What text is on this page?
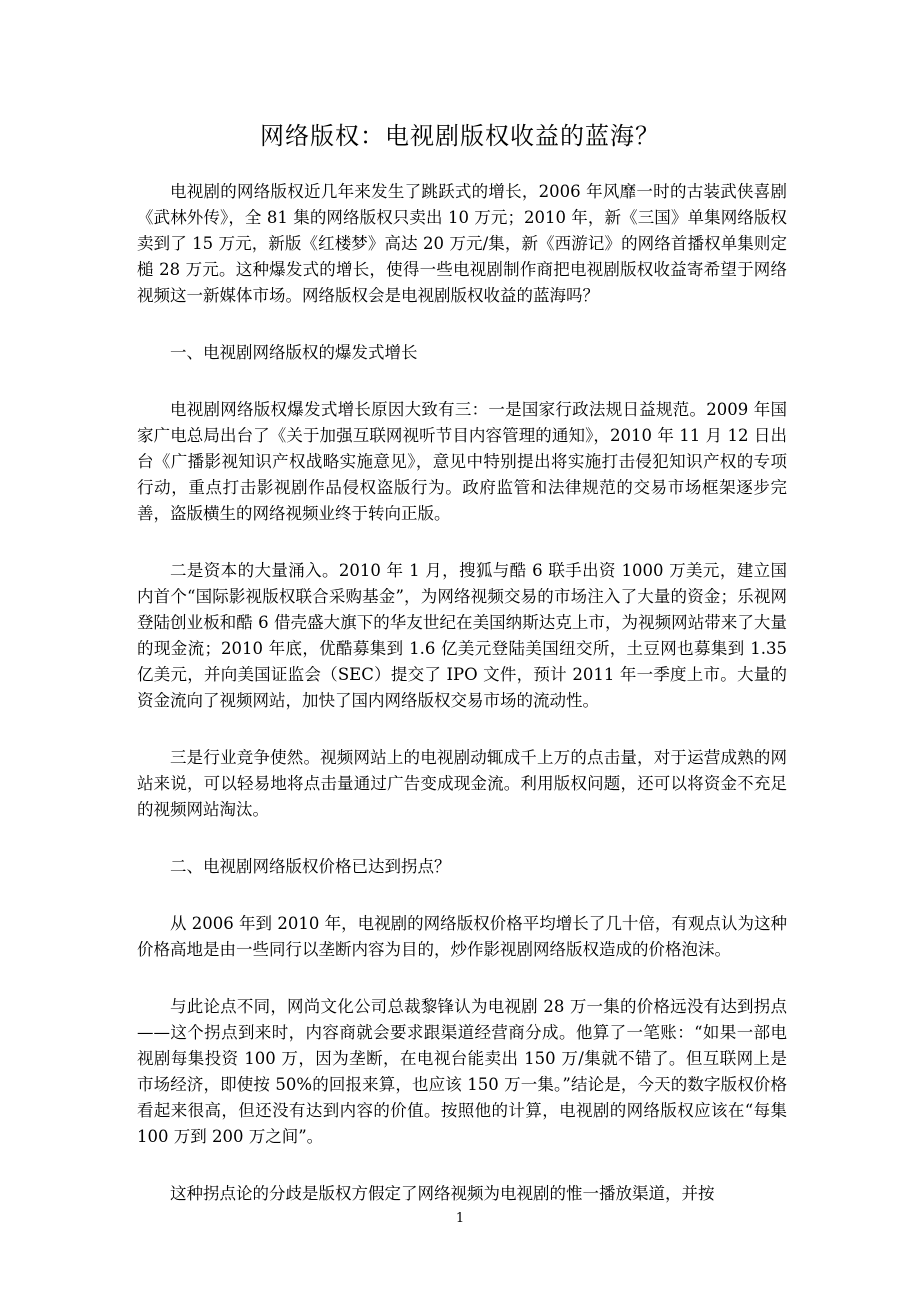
网络版权：电视剧版权收益的蓝海？

电视剧的网络版权近几年来发生了跳跃式的增长，2006 年风靡一时的古装武侠喜剧《武林外传》，全 81 集的网络版权只卖出 10 万元；2010 年，新《三国》单集网络版权卖到了 15 万元，新版《红楼梦》高达 20 万元/集，新《西游记》的网络首播权单集则定槌 28 万元。这种爆发式的增长，使得一些电视剧制作商把电视剧版权收益寄希望于网络视频这一新媒体市场。网络版权会是电视剧版权收益的蓝海吗？

一、电视剧网络版权的爆发式增长

电视剧网络版权爆发式增长原因大致有三：一是国家行政法规日益规范。2009 年国家广电总局出台了《关于加强互联网视听节目内容管理的通知》，2010 年 11 月 12 日出台《广播影视知识产权战略实施意见》，意见中特别提出将实施打击侵犯知识产权的专项行动，重点打击影视剧作品侵权盗版行为。政府监管和法律规范的交易市场框架逐步完善，盗版横生的网络视频业终于转向正版。

二是资本的大量涌入。2010 年 1 月，搜狐与酷 6 联手出资 1000 万美元，建立国内首个“国际影视版权联合采购基金”，为网络视频交易的市场注入了大量的资金；乐视网登陆创业板和酷 6 借壳盛大旗下的华友世纪在美国纳斯达克上市，为视频网站带来了大量的现金流；2010 年底，优酷募集到 1.6 亿美元登陆美国纽交所，土豆网也募集到 1.35 亿美元，并向美国证监会（SEC）提交了 IPO 文件，预计 2011 年一季度上市。大量的资金流向了视频网站，加快了国内网络版权交易市场的流动性。

三是行业竞争使然。视频网站上的电视剧动辄成千上万的点击量，对于运营成熟的网站来说，可以轻易地将点击量通过广告变成现金流。利用版权问题，还可以将资金不充足的视频网站淘汰。

二、电视剧网络版权价格已达到拐点？

从 2006 年到 2010 年，电视剧的网络版权价格平均增长了几十倍，有观点认为这种价格高地是由一些同行以垄断内容为目的，炒作影视剧网络版权造成的价格泡沫。

与此论点不同，网尚文化公司总裁黎锋认为电视剧 28 万一集的价格远没有达到拐点——这个拐点到来时，内容商就会要求跟渠道经营商分成。他算了一笔账：“如果一部电视剧每集投资 100 万，因为垄断，在电视台能卖出 150 万/集就不错了。但互联网上是市场经济，即使按 50%的回报来算，也应该 150 万一集。”结论是，今天的数字版权价格看起来很高，但还没有达到内容的价值。按照他的计算，电视剧的网络版权应该在“每集 100 万到 200 万之间”。

这种拐点论的分歧是版权方假定了网络视频为电视剧的惟一播放渠道，并按

1
